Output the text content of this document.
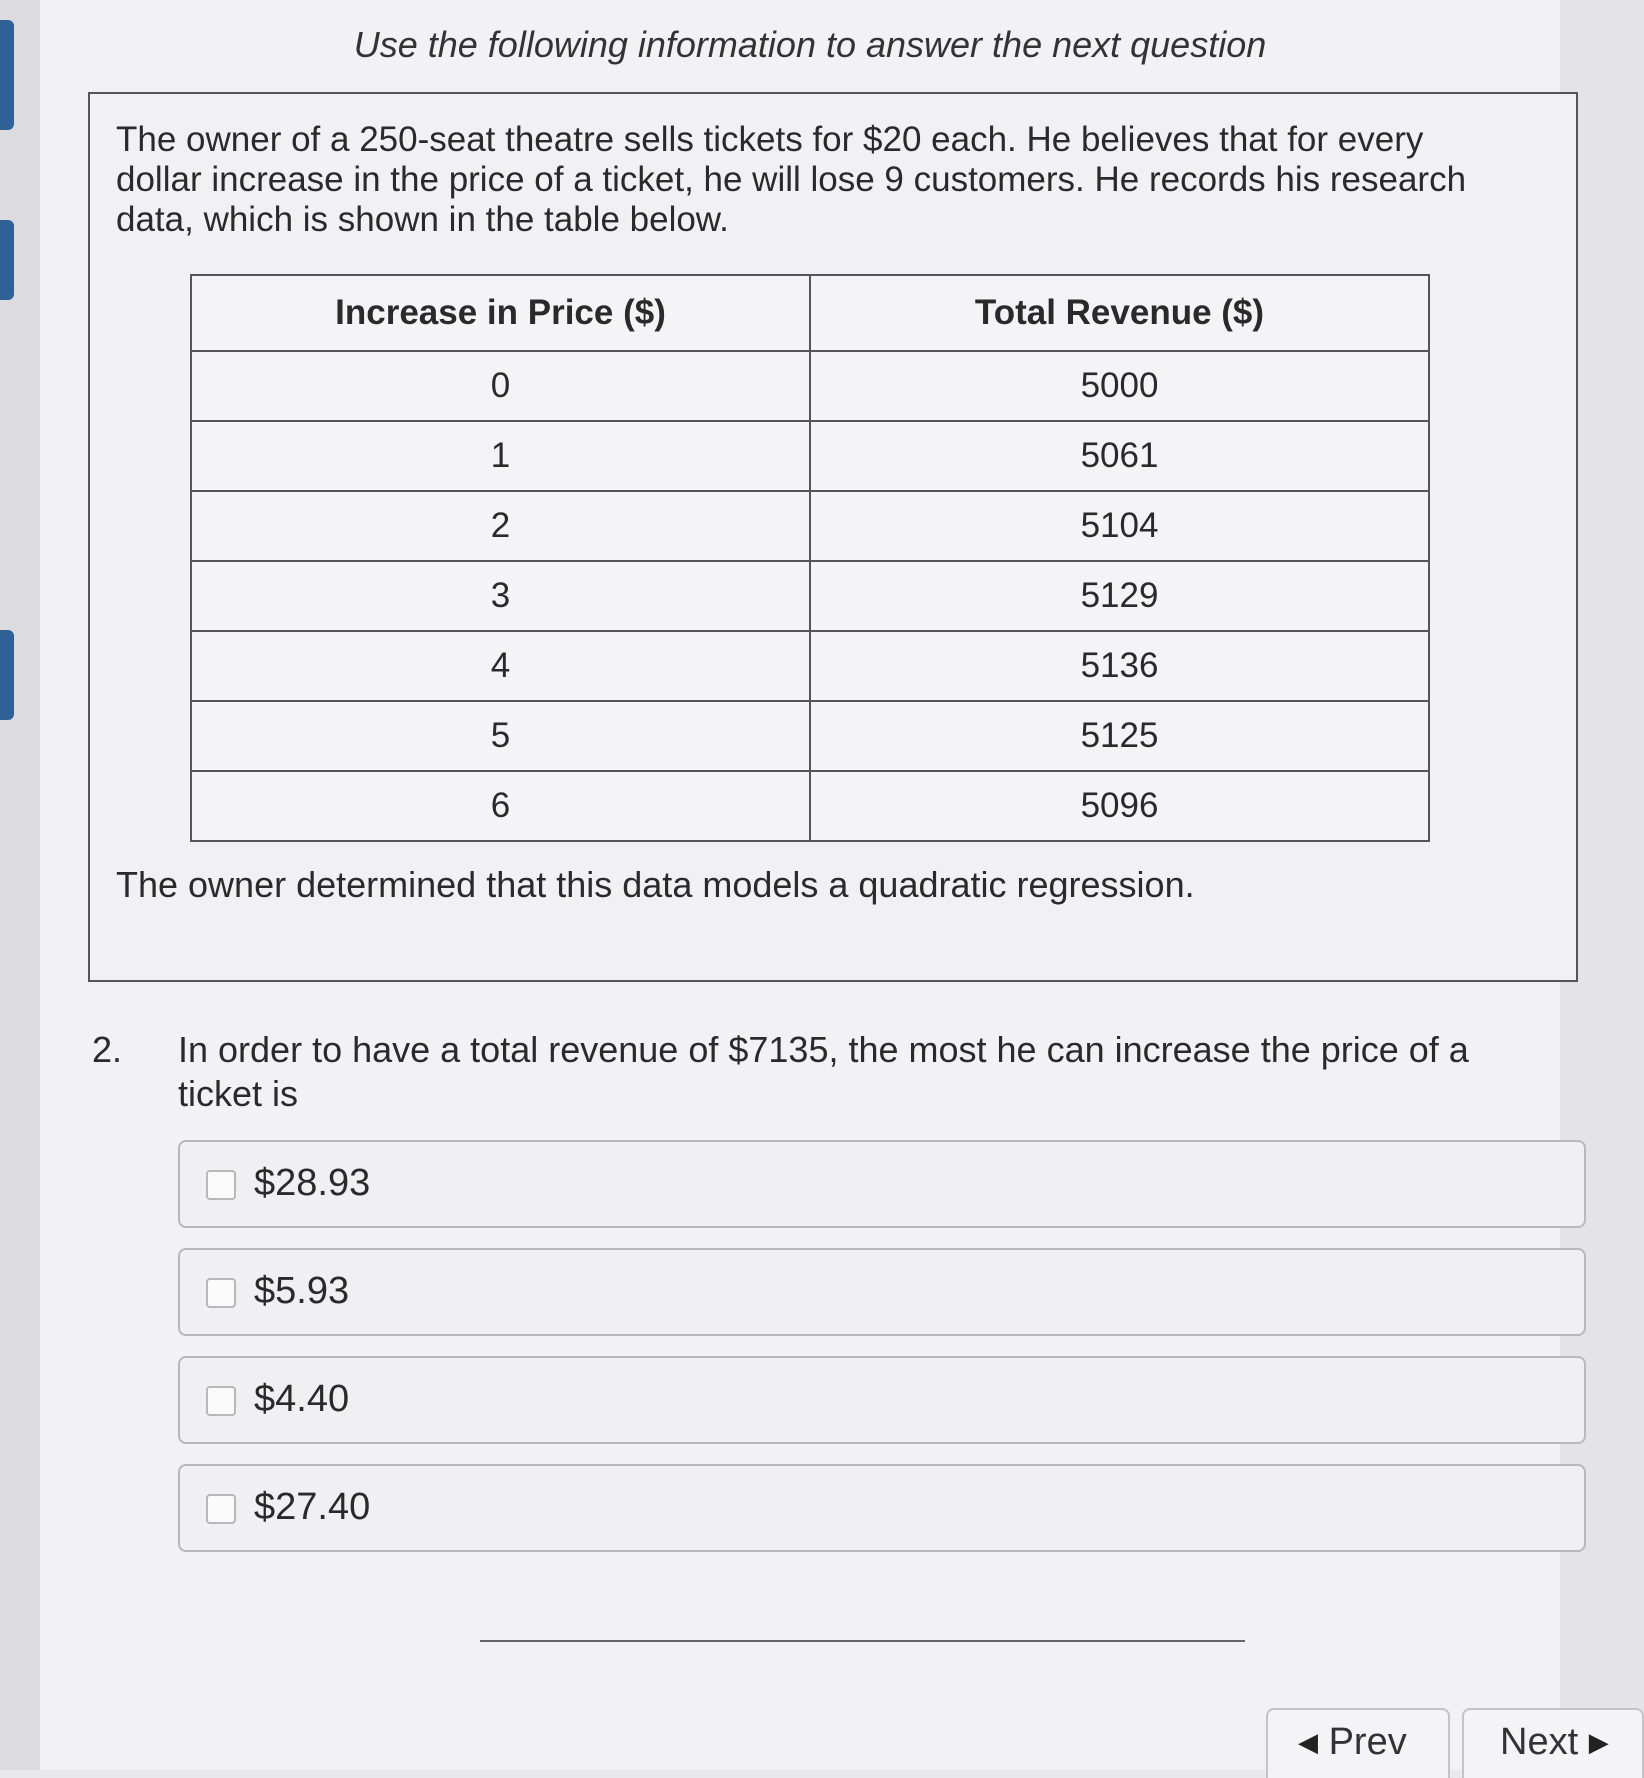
Use the following information to answer the next question
The owner of a 250-seat theatre sells tickets for $20 each. He believes that for every dollar increase in the price of a ticket, he will lose 9 customers. He records his research data, which is shown in the table below.
Increase in Price ($)	Total Revenue ($)
0	5000
1	5061
2	5104
3	5129
4	5136
5	5125
6	5096
The owner determined that this data models a quadratic regression.
2. In order to have a total revenue of $7135, the most he can increase the price of a ticket is
$28.93
$5.93
$4.40
$27.40
◀ Prev	Next ▶
